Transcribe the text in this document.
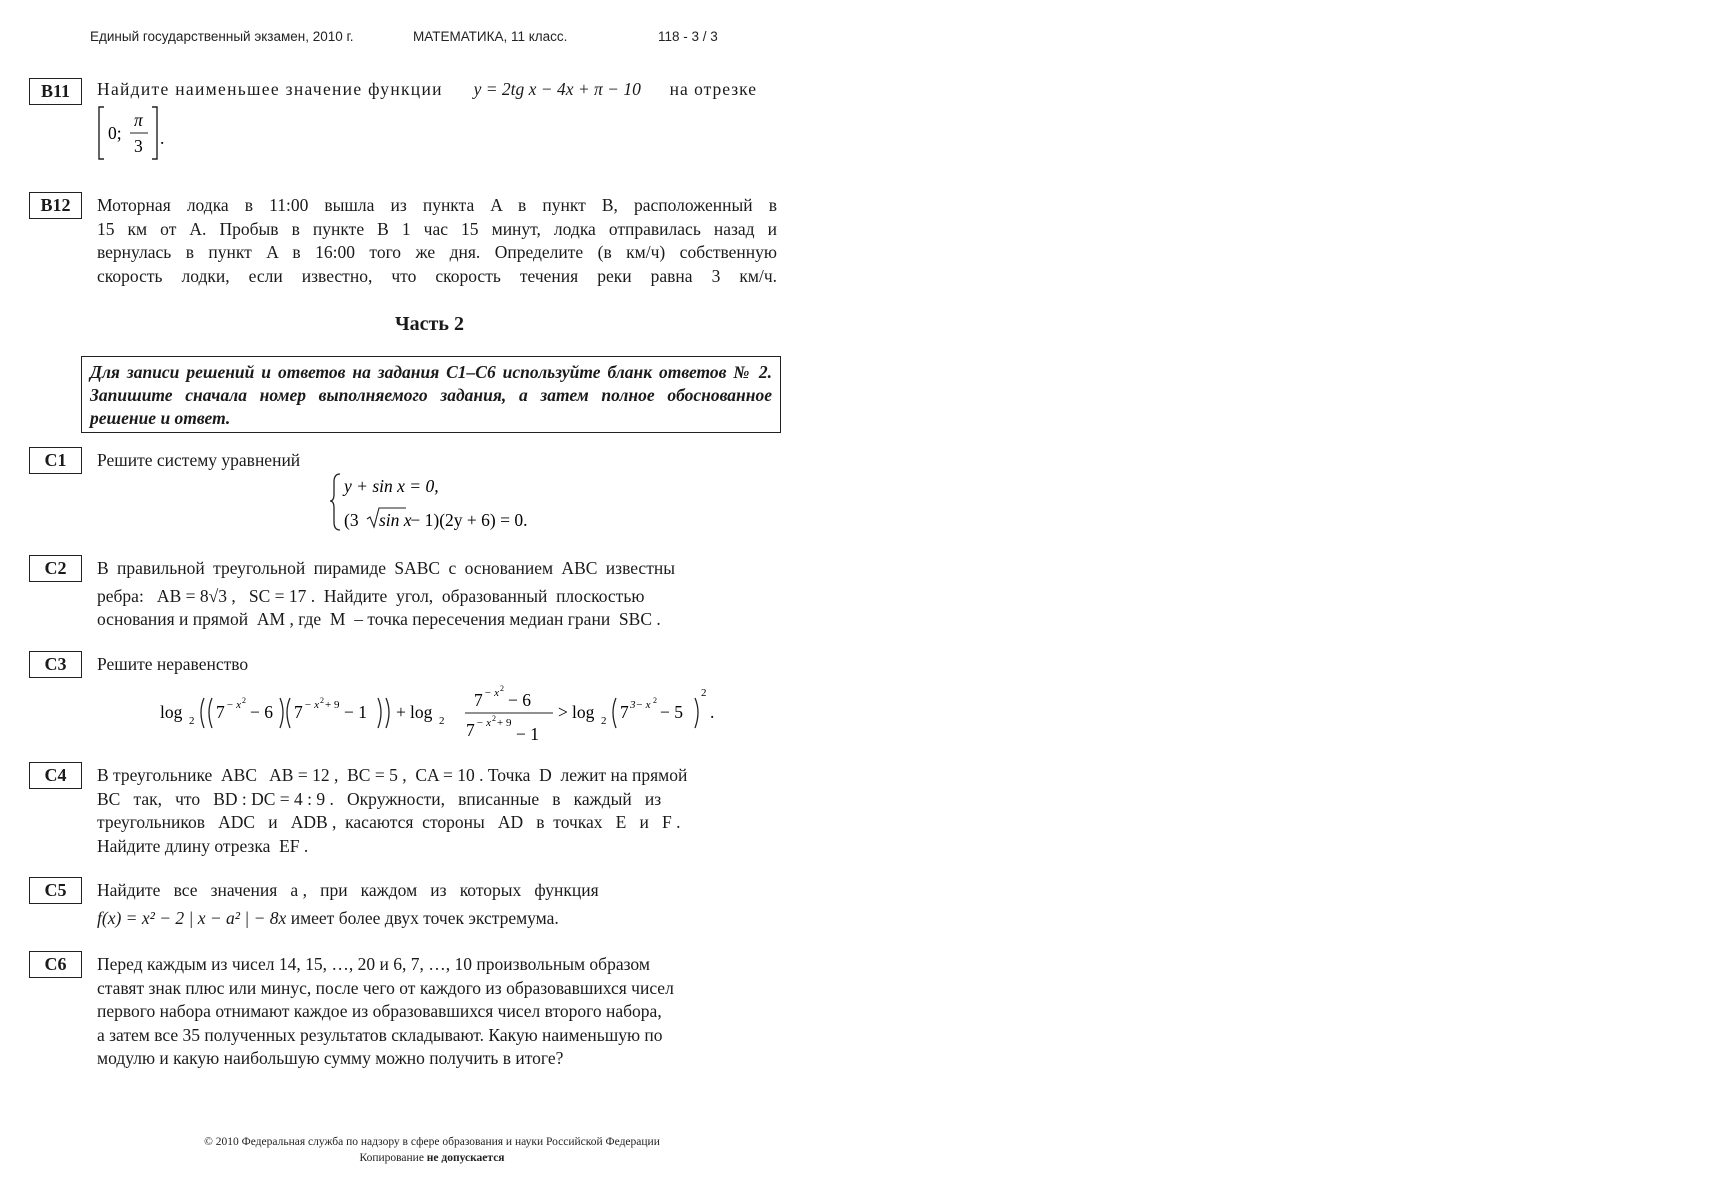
Единый государственный экзамен, 2010 г.	МАТЕМАТИКА, 11 класс.	118 - 3 / 3
B11	Найдите наименьшее значение функции y = 2tg x − 4x + π − 10 на отрезке
0;
π
3 .
B12	Моторная лодка в 11:00 вышла из пункта A в пункт B, расположенный в
15 км от A. Пробыв в пункте B 1 час 15 минут, лодка отправилась назад и
вернулась в пункт A в 16:00 того же дня. Определите (в км/ч) собственную
скорость лодки, если известно, что скорость течения реки равна 3 км/ч.
Часть 2
Для записи решений и ответов на задания С1–С6 используйте бланк ответов № 2. Запишите сначала номер выполняемого задания, а затем полное обоснованное решение и ответ.
C1	Решите систему уравнений
y + sin x = 0,
(3 sin x
− 1)(2y + 6) = 0.
C2	В правильной треугольной пирамиде SABC с основанием ABC известны
ребра:   AB = 8√3 ,   SC = 17 .  Найдите  угол,  образованный  плоскостью
основания и прямой  AM , где  M  – точка пересечения медиан грани  SBC .
C3	Решите неравенство
log 2 7 − x 2
− 6 7 − x 2 + 9 − 1 + log 2
7 − x 2
− 6
7 − x 2 + 9
− 1
> log 2 7 3− x 2
− 5
2
.
C4	В треугольнике  ABC   AB = 12 ,  BC = 5 ,  CA = 10 . Точка  D  лежит на прямой
BC   так,   что   BD : DC = 4 : 9 .   Окружности,   вписанные   в   каждый   из
треугольников   ADC   и   ADB ,  касаются  стороны   AD   в  точках   E   и   F .
Найдите длину отрезка  EF .
C5	Найдите   все   значения   a ,   при   каждом   из   которых   функция
f(x) = x² − 2 | x − a² | − 8x имеет более двух точек экстремума.
C6	Перед каждым из чисел 14, 15, …, 20 и 6, 7, …, 10 произвольным образом
ставят знак плюс или минус, после чего от каждого из образовавшихся чисел
первого набора отнимают каждое из образовавшихся чисел второго набора,
а затем все 35 полученных результатов складывают. Какую наименьшую по
модулю и какую наибольшую сумму можно получить в итоге?
© 2010 Федеральная служба по надзору в сфере образования и науки Российской Федерации
Копирование не допускается
